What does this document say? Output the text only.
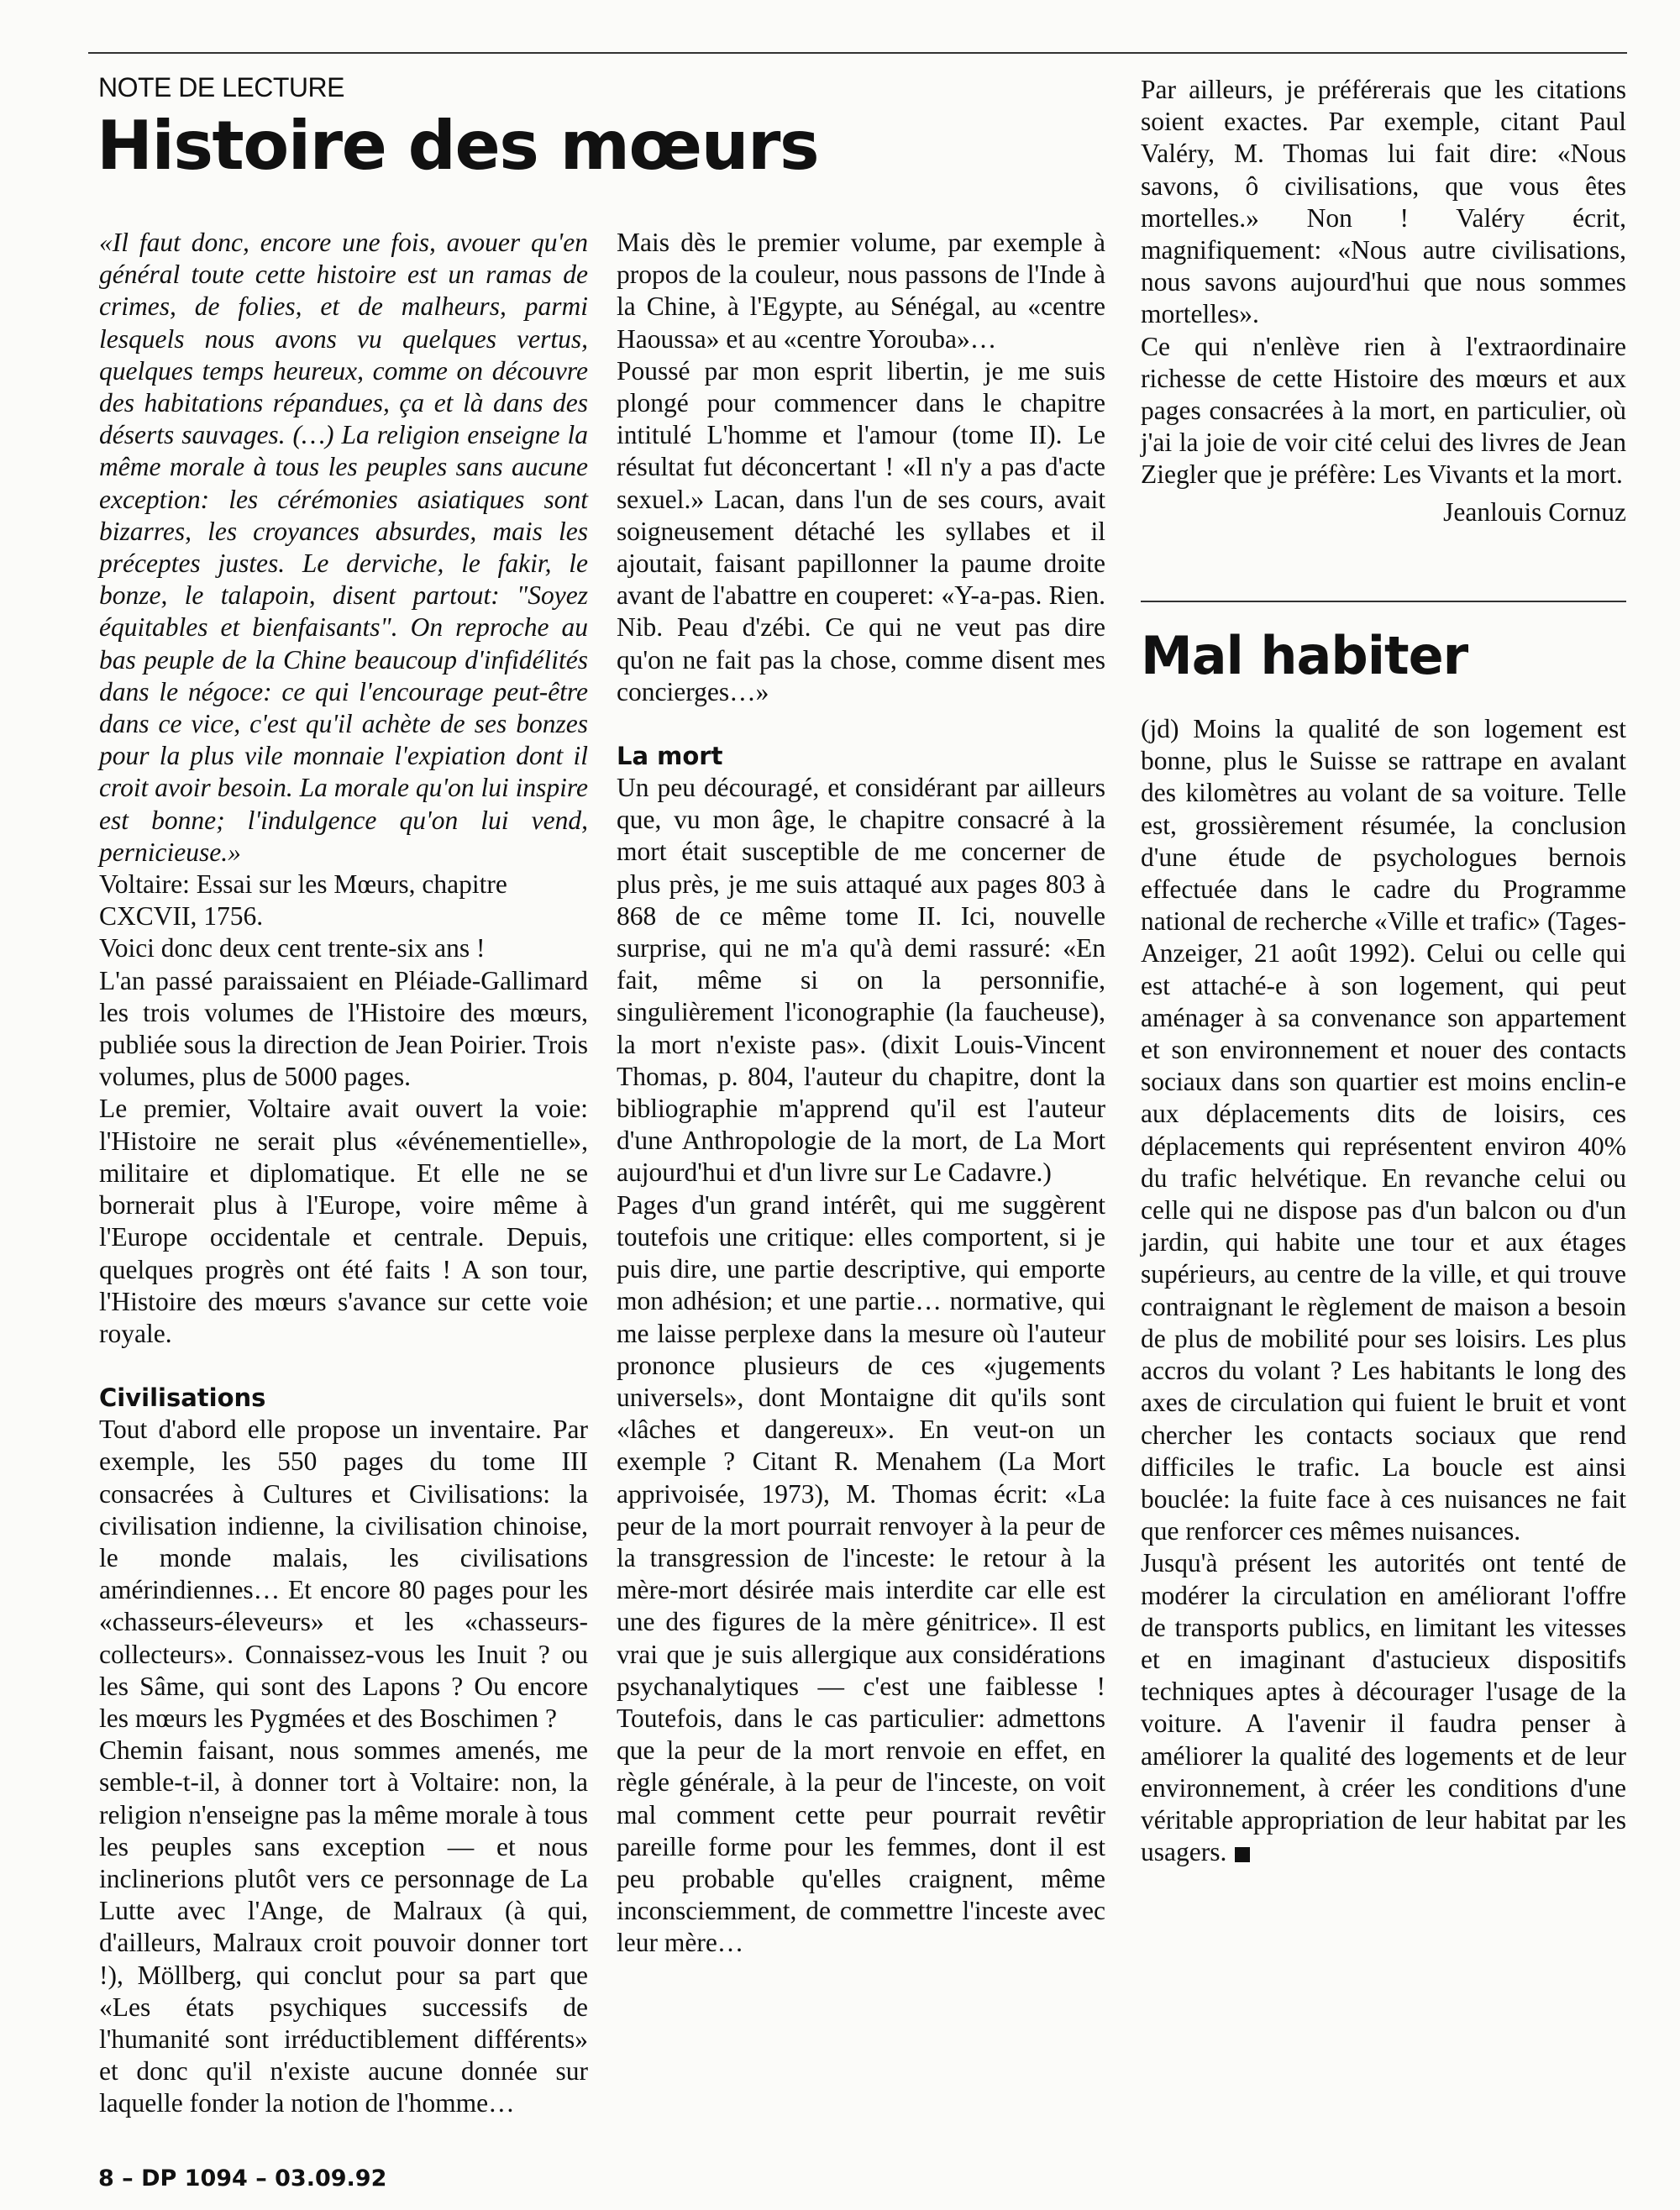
NOTE DE LECTURE
Histoire des mœurs

«Il faut donc, encore une fois, avouer qu'en général toute cette histoire est un ramas de crimes, de folies, et de malheurs, parmi lesquels nous avons vu quelques vertus, quelques temps heureux, comme on découvre des habitations répandues, ça et là dans des déserts sauvages. (…) La religion enseigne la même morale à tous les peuples sans aucune exception: les cérémonies asiatiques sont bizarres, les croyances absurdes, mais les préceptes justes. Le derviche, le fakir, le bonze, le talapoin, disent partout: "Soyez équitables et bienfaisants". On reproche au bas peuple de la Chine beaucoup d'infidélités dans le négoce: ce qui l'encourage peut-être dans ce vice, c'est qu'il achète de ses bonzes pour la plus vile monnaie l'expiation dont il croit avoir besoin. La morale qu'on lui inspire est bonne; l'indulgence qu'on lui vend, pernicieuse.»

Voltaire: Essai sur les Mœurs, chapitre CXCVII, 1756.

Voici donc deux cent trente-six ans !

L'an passé paraissaient en Pléiade-Gallimard les trois volumes de l'Histoire des mœurs, publiée sous la direction de Jean Poirier. Trois volumes, plus de 5000 pages.

Le premier, Voltaire avait ouvert la voie: l'Histoire ne serait plus «événementielle», militaire et diplomatique. Et elle ne se bornerait plus à l'Europe, voire même à l'Europe occidentale et centrale. Depuis, quelques progrès ont été faits ! A son tour, l'Histoire des mœurs s'avance sur cette voie royale.

Civilisations

Tout d'abord elle propose un inventaire. Par exemple, les 550 pages du tome III consacrées à Cultures et Civilisations: la civilisation indienne, la civilisation chinoise, le monde malais, les civilisations amérindiennes… Et encore 80 pages pour les «chasseurs-éleveurs» et les «chasseurs-collecteurs». Connaissez-vous les Inuit ? ou les Sâme, qui sont des Lapons ? Ou encore les mœurs les Pygmées et des Boschimen ?

Chemin faisant, nous sommes amenés, me semble-t-il, à donner tort à Voltaire: non, la religion n'enseigne pas la même morale à tous les peuples sans exception — et nous inclinerions plutôt vers ce personnage de La Lutte avec l'Ange, de Malraux (à qui, d'ailleurs, Malraux croit pouvoir donner tort !), Möllberg, qui conclut pour sa part que «Les états psychiques successifs de l'humanité sont irréductiblement différents» et donc qu'il n'existe aucune donnée sur laquelle fonder la notion de l'homme…

Mais dès le premier volume, par exemple à propos de la couleur, nous passons de l'Inde à la Chine, à l'Egypte, au Sénégal, au «centre Haoussa» et au «centre Yorouba»…

Poussé par mon esprit libertin, je me suis plongé pour commencer dans le chapitre intitulé L'homme et l'amour (tome II). Le résultat fut déconcertant ! «Il n'y a pas d'acte sexuel.» Lacan, dans l'un de ses cours, avait soigneusement détaché les syllabes et il ajoutait, faisant papillonner la paume droite avant de l'abattre en couperet: «Y-a-pas. Rien. Nib. Peau d'zébi. Ce qui ne veut pas dire qu'on ne fait pas la chose, comme disent mes concierges…»

La mort

Un peu découragé, et considérant par ailleurs que, vu mon âge, le chapitre consacré à la mort était susceptible de me concerner de plus près, je me suis attaqué aux pages 803 à 868 de ce même tome II. Ici, nouvelle surprise, qui ne m'a qu'à demi rassuré: «En fait, même si on la personnifie, singulièrement l'iconographie (la faucheuse), la mort n'existe pas». (dixit Louis-Vincent Thomas, p. 804, l'auteur du chapitre, dont la bibliographie m'apprend qu'il est l'auteur d'une Anthropologie de la mort, de La Mort aujourd'hui et d'un livre sur Le Cadavre.)

Pages d'un grand intérêt, qui me suggèrent toutefois une critique: elles comportent, si je puis dire, une partie descriptive, qui emporte mon adhésion; et une partie… normative, qui me laisse perplexe dans la mesure où l'auteur prononce plusieurs de ces «jugements universels», dont Montaigne dit qu'ils sont «lâches et dangereux». En veut-on un exemple ? Citant R. Menahem (La Mort apprivoisée, 1973), M. Thomas écrit: «La peur de la mort pourrait renvoyer à la peur de la transgression de l'inceste: le retour à la mère-mort désirée mais interdite car elle est une des figures de la mère génitrice». Il est vrai que je suis allergique aux considérations psychanalytiques — c'est une faiblesse ! Toutefois, dans le cas particulier: admettons que la peur de la mort renvoie en effet, en règle générale, à la peur de l'inceste, on voit mal comment cette peur pourrait revêtir pareille forme pour les femmes, dont il est peu probable qu'elles craignent, même inconsciemment, de commettre l'inceste avec leur mère…

Par ailleurs, je préférerais que les citations soient exactes. Par exemple, citant Paul Valéry, M. Thomas lui fait dire: «Nous savons, ô civilisations, que vous êtes mortelles.» Non ! Valéry écrit, magnifiquement: «Nous autre civilisations, nous savons aujourd'hui que nous sommes mortelles».

Ce qui n'enlève rien à l'extraordinaire richesse de cette Histoire des mœurs et aux pages consacrées à la mort, en particulier, où j'ai la joie de voir cité celui des livres de Jean Ziegler que je préfère: Les Vivants et la mort.

Jeanlouis Cornuz

Mal habiter

(jd) Moins la qualité de son logement est bonne, plus le Suisse se rattrape en avalant des kilomètres au volant de sa voiture. Telle est, grossièrement résumée, la conclusion d'une étude de psychologues bernois effectuée dans le cadre du Programme national de recherche «Ville et trafic» (Tages-Anzeiger, 21 août 1992). Celui ou celle qui est attaché-e à son logement, qui peut aménager à sa convenance son appartement et son environnement et nouer des contacts sociaux dans son quartier est moins enclin-e aux déplacements dits de loisirs, ces déplacements qui représentent environ 40% du trafic helvétique. En revanche celui ou celle qui ne dispose pas d'un balcon ou d'un jardin, qui habite une tour et aux étages supérieurs, au centre de la ville, et qui trouve contraignant le règlement de maison a besoin de plus de mobilité pour ses loisirs. Les plus accros du volant ? Les habitants le long des axes de circulation qui fuient le bruit et vont chercher les contacts sociaux que rend difficiles le trafic. La boucle est ainsi bouclée: la fuite face à ces nuisances ne fait que renforcer ces mêmes nuisances.

Jusqu'à présent les autorités ont tenté de modérer la circulation en améliorant l'offre de transports publics, en limitant les vitesses et en imaginant d'astucieux dispositifs techniques aptes à décourager l'usage de la voiture. A l'avenir il faudra penser à améliorer la qualité des logements et de leur environnement, à créer les conditions d'une véritable appropriation de leur habitat par les usagers.

8 – DP 1094 – 03.09.92
